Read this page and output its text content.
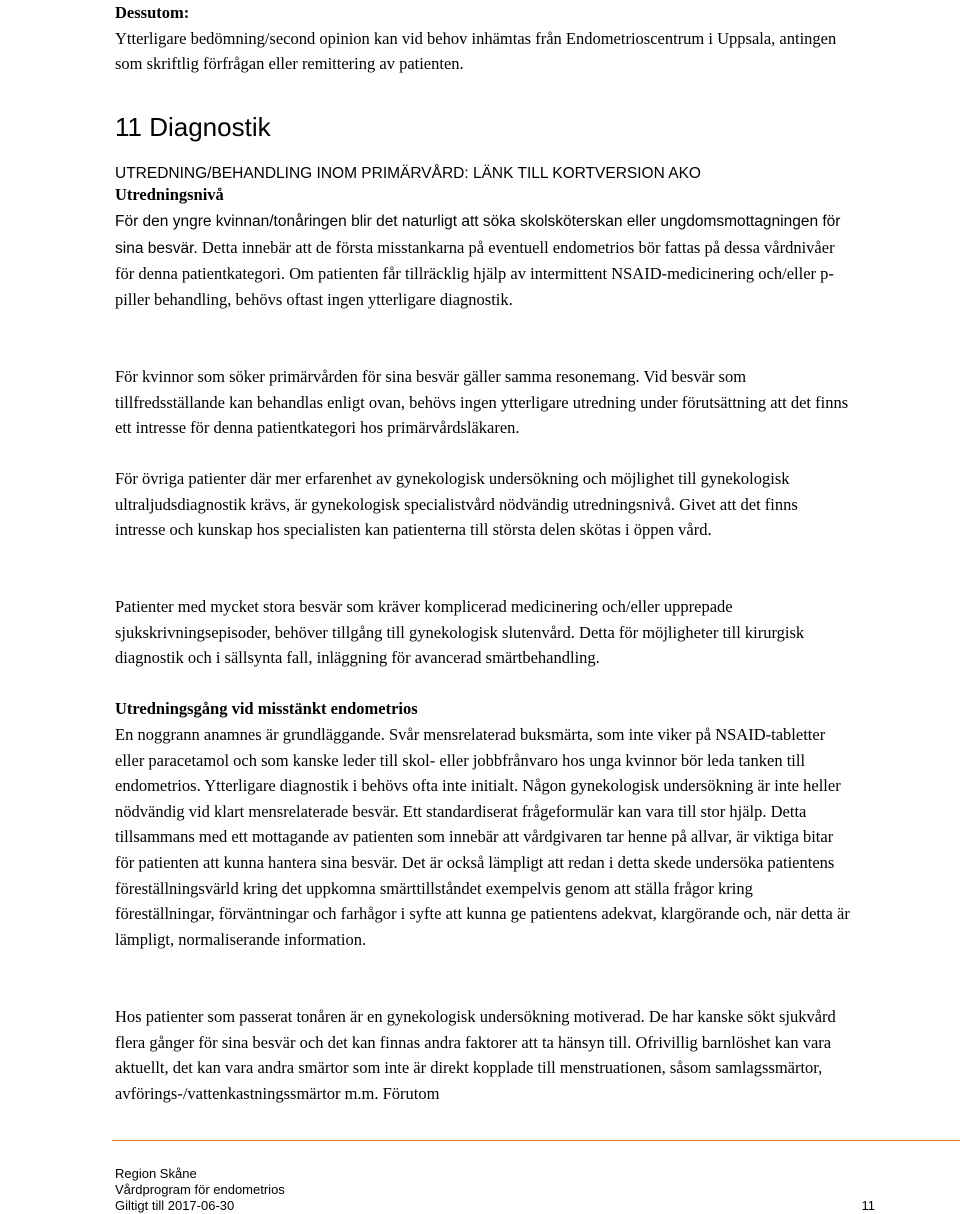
Dessutom:

Ytterligare bedömning/second opinion kan vid behov inhämtas från Endometrioscentrum i Uppsala, antingen som skriftlig förfrågan eller remittering av patienten.

11 Diagnostik
UTREDNING/BEHANDLING INOM PRIMÄRVÅRD: LÄNK TILL KORTVERSION AKO
Utredningsnivå

För den yngre kvinnan/tonåringen blir det naturligt att söka skolsköterskan eller ungdomsmottagningen för sina besvär. Detta innebär att de första misstankarna på eventuell endometrios bör fattas på dessa vårdnivåer för denna patientkategori. Om patienten får tillräcklig hjälp av intermittent NSAID-medicinering och/eller p-piller behandling, behövs oftast ingen ytterligare diagnostik.

För kvinnor som söker primärvården för sina besvär gäller samma resonemang. Vid besvär som tillfredsställande kan behandlas enligt ovan, behövs ingen ytterligare utredning under förutsättning att det finns ett intresse för denna patientkategori hos primärvårdsläkaren.

För övriga patienter där mer erfarenhet av gynekologisk undersökning och möjlighet till gynekologisk ultraljudsdiagnostik krävs, är gynekologisk specialistvård nödvändig utredningsnivå. Givet att det finns intresse och kunskap hos specialisten kan patienterna till största delen skötas i öppen vård.

Patienter med mycket stora besvär som kräver komplicerad medicinering och/eller upprepade sjukskrivningsepisoder, behöver tillgång till gynekologisk slutenvård. Detta för möjligheter till kirurgisk diagnostik och i sällsynta fall, inläggning för avancerad smärtbehandling.

Utredningsgång vid misstänkt endometrios

En noggrann anamnes är grundläggande. Svår mensrelaterad buksmärta, som inte viker på NSAID-tabletter eller paracetamol och som kanske leder till skol- eller jobbfrånvaro hos unga kvinnor bör leda tanken till endometrios. Ytterligare diagnostik i behövs ofta inte initialt. Någon gynekologisk undersökning är inte heller nödvändig vid klart mensrelaterade besvär. Ett standardiserat frågeformulär kan vara till stor hjälp. Detta tillsammans med ett mottagande av patienten som innebär att vårdgivaren tar henne på allvar, är viktiga bitar för patienten att kunna hantera sina besvär. Det är också lämpligt att redan i detta skede undersöka patientens föreställningsvärld kring det uppkomna smärttillståndet exempelvis genom att ställa frågor kring föreställningar, förväntningar och farhågor i syfte att kunna ge patientens adekvat, klargörande och, när detta är lämpligt, normaliserande information.

Hos patienter som passerat tonåren är en gynekologisk undersökning motiverad. De har kanske sökt sjukvård flera gånger för sina besvär och det kan finnas andra faktorer att ta hänsyn till. Ofrivillig barnlöshet kan vara aktuellt, det kan vara andra smärtor som inte är direkt kopplade till menstruationen, såsom samlagssmärtor, avförings-/vattenkastningssmärtor m.m. Förutom

Region Skåne
Vårdprogram för endometrios
Giltigt till 2017-06-30	11
